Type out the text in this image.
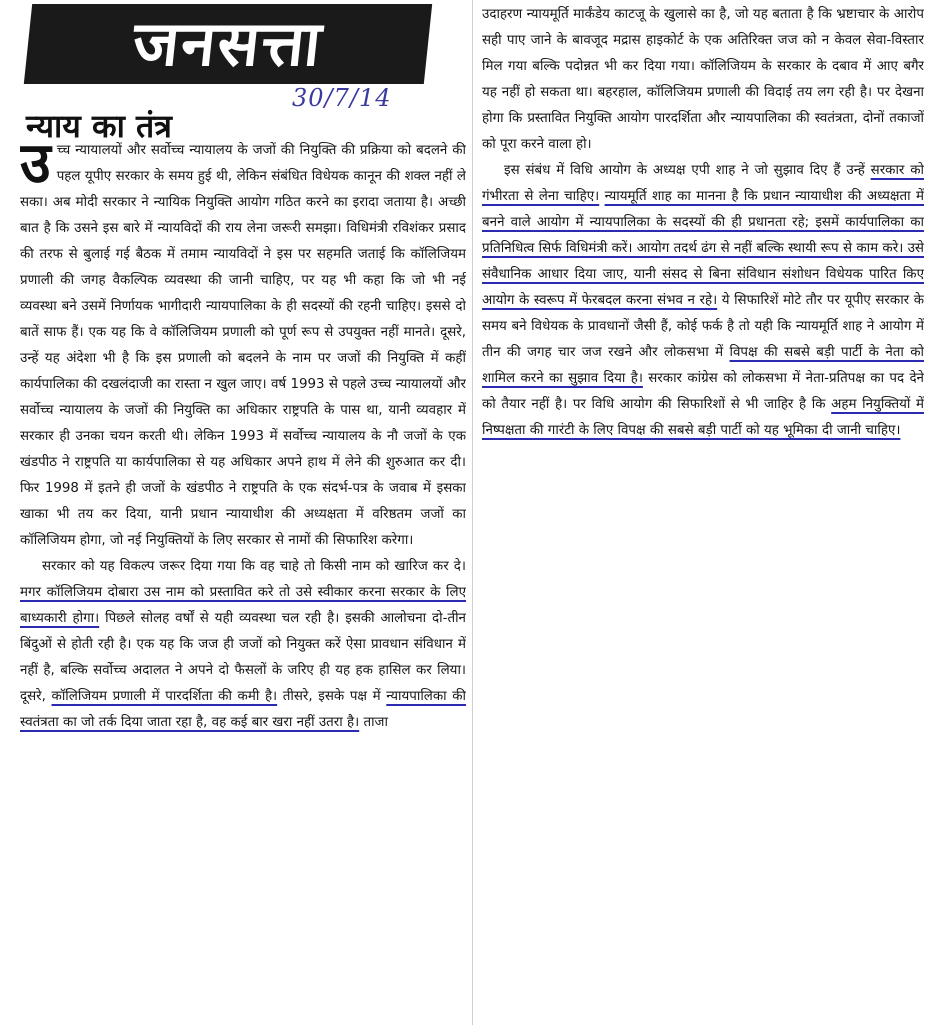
जनसत्ता
30/7/14
न्याय का तंत्र

उच्च न्यायालयों और सर्वोच्च न्यायालय के जजों की नियुक्ति की प्रक्रिया को बदलने की पहल यूपीए सरकार के समय हुई थी, लेकिन संबंधित विधेयक कानून की शक्ल नहीं ले सका। अब मोदी सरकार ने न्यायिक नियुक्ति आयोग गठित करने का इरादा जताया है। अच्छी बात है कि उसने इस बारे में न्यायविदों की राय लेना जरूरी समझा। विधिमंत्री रविशंकर प्रसाद की तरफ से बुलाई गई बैठक में तमाम न्यायविदों ने इस पर सहमति जताई कि कॉलिजियम प्रणाली की जगह वैकल्पिक व्यवस्था की जानी चाहिए, पर यह भी कहा कि जो भी नई व्यवस्था बने उसमें निर्णायक भागीदारी न्यायपालिका के ही सदस्यों की रहनी चाहिए। इससे दो बातें साफ हैं। एक यह कि वे कॉलिजियम प्रणाली को पूर्ण रूप से उपयुक्त नहीं मानते। दूसरे, उन्हें यह अंदेशा भी है कि इस प्रणाली को बदलने के नाम पर जजों की नियुक्ति में कहीं कार्यपालिका की दखलंदाजी का रास्ता न खुल जाए। वर्ष 1993 से पहले उच्च न्यायालयों और सर्वोच्च न्यायालय के जजों की नियुक्ति का अधिकार राष्ट्रपति के पास था, यानी व्यवहार में सरकार ही उनका चयन करती थी। लेकिन 1993 में सर्वोच्च न्यायालय के नौ जजों के एक खंडपीठ ने राष्ट्रपति या कार्यपालिका से यह अधिकार अपने हाथ में लेने की शुरुआत कर दी। फिर 1998 में इतने ही जजों के खंडपीठ ने राष्ट्रपति के एक संदर्भ-पत्र के जवाब में इसका खाका भी तय कर दिया, यानी प्रधान न्यायाधीश की अध्यक्षता में वरिष्ठतम जजों का कॉलिजियम होगा, जो नई नियुक्तियों के लिए सरकार से नामों की सिफारिश करेगा।

सरकार को यह विकल्प जरूर दिया गया कि वह चाहे तो किसी नाम को खारिज कर दे। मगर कॉलिजियम दोबारा उस नाम को प्रस्तावित करे तो उसे स्वीकार करना सरकार के लिए बाध्यकारी होगा। पिछले सोलह वर्षों से यही व्यवस्था चल रही है। इसकी आलोचना दो-तीन बिंदुओं से होती रही है। एक यह कि जज ही जजों को नियुक्त करें ऐसा प्रावधान संविधान में नहीं है, बल्कि सर्वोच्च अदालत ने अपने दो फैसलों के जरिए ही यह हक हासिल कर लिया। दूसरे, कॉलिजियम प्रणाली में पारदर्शिता की कमी है। तीसरे, इसके पक्ष में न्यायपालिका की स्वतंत्रता का जो तर्क दिया जाता रहा है, वह कई बार खरा नहीं उतरा है। ताजा

उदाहरण न्यायमूर्ति मार्कंडेय काटजू के खुलासे का है, जो यह बताता है कि भ्रष्टाचार के आरोप सही पाए जाने के बावजूद मद्रास हाइकोर्ट के एक अतिरिक्त जज को न केवल सेवा-विस्तार मिल गया बल्कि पदोन्नत भी कर दिया गया। कॉलिजियम के सरकार के दबाव में आए बगैर यह नहीं हो सकता था। बहरहाल, कॉलिजियम प्रणाली की विदाई तय लग रही है। पर देखना होगा कि प्रस्तावित नियुक्ति आयोग पारदर्शिता और न्यायपालिका की स्वतंत्रता, दोनों तकाजों को पूरा करने वाला हो।

इस संबंध में विधि आयोग के अध्यक्ष एपी शाह ने जो सुझाव दिए हैं उन्हें सरकार को गंभीरता से लेना चाहिए। न्यायमूर्ति शाह का मानना है कि प्रधान न्यायाधीश की अध्यक्षता में बनने वाले आयोग में न्यायपालिका के सदस्यों की ही प्रधानता रहे; इसमें कार्यपालिका का प्रतिनिधित्व सिर्फ विधिमंत्री करें। आयोग तदर्थ ढंग से नहीं बल्कि स्थायी रूप से काम करे। उसे संवैधानिक आधार दिया जाए, यानी संसद से बिना संविधान संशोधन विधेयक पारित किए आयोग के स्वरूप में फेरबदल करना संभव न रहे। ये सिफारिशें मोटे तौर पर यूपीए सरकार के समय बने विधेयक के प्रावधानों जैसी हैं, कोई फर्क है तो यही कि न्यायमूर्ति शाह ने आयोग में तीन की जगह चार जज रखने और लोकसभा में विपक्ष की सबसे बड़ी पार्टी के नेता को शामिल करने का सुझाव दिया है। सरकार कांग्रेस को लोकसभा में नेता-प्रतिपक्ष का पद देने को तैयार नहीं है। पर विधि आयोग की सिफारिशों से भी जाहिर है कि अहम नियुक्तियों में निष्पक्षता की गारंटी के लिए विपक्ष की सबसे बड़ी पार्टी को यह भूमिका दी जानी चाहिए।
